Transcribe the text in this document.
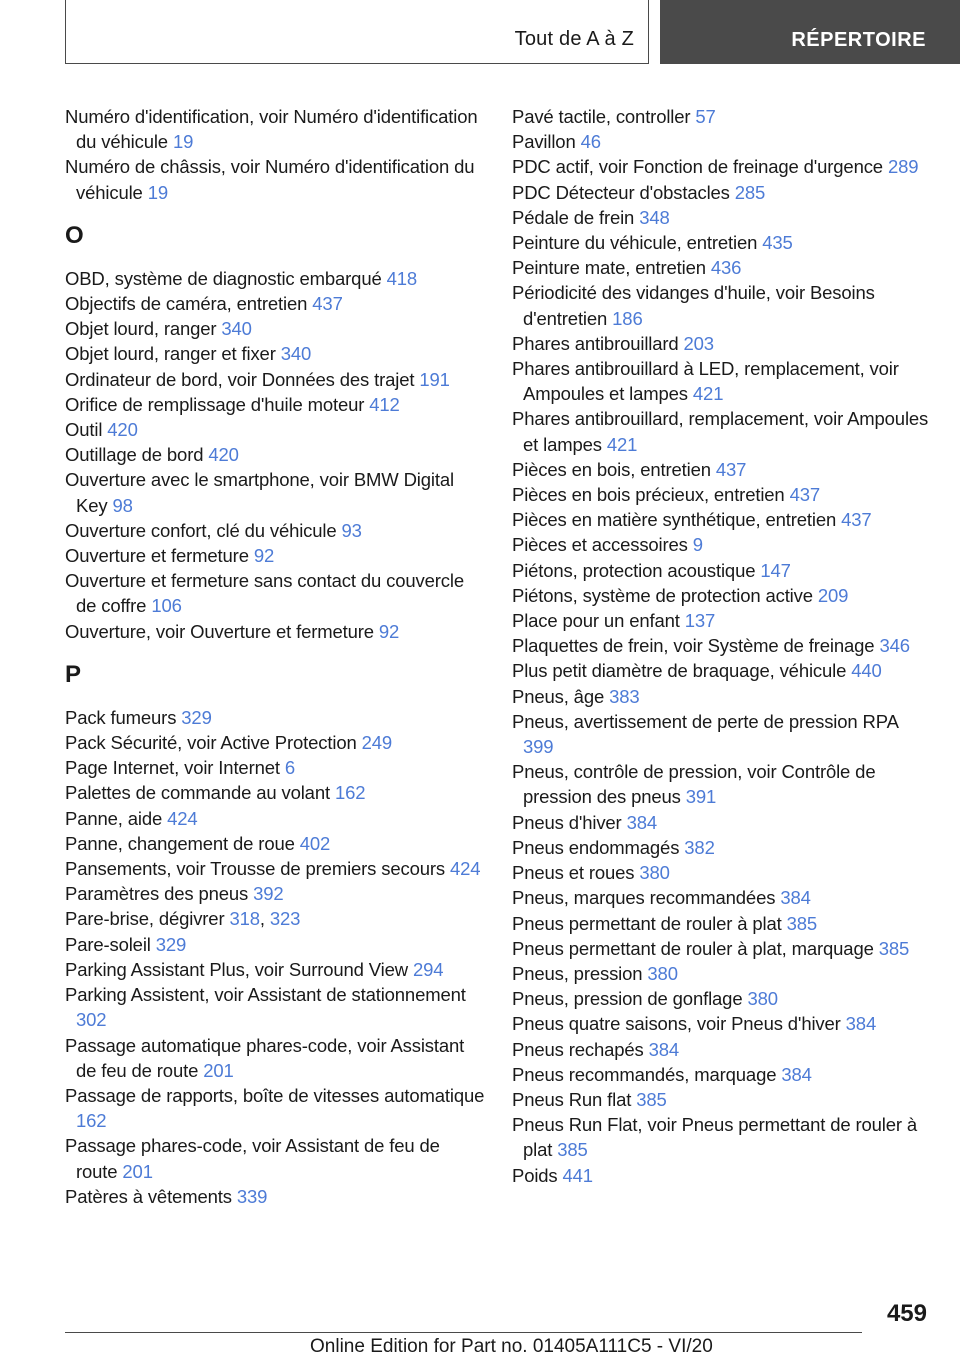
Tout de A à Z	RÉPERTOIRE

Numéro d'identification, voir Numéro d'identification du véhicule 19

Numéro de châssis, voir Numéro d'identification du véhicule 19

O

OBD, système de diagnostic embarqué 418

Objectifs de caméra, entretien 437

Objet lourd, ranger 340

Objet lourd, ranger et fixer 340

Ordinateur de bord, voir Données des trajet 191

Orifice de remplissage d'huile moteur 412

Outil 420

Outillage de bord 420

Ouverture avec le smartphone, voir BMW Digital Key 98

Ouverture confort, clé du véhicule 93

Ouverture et fermeture 92

Ouverture et fermeture sans contact du couvercle de coffre 106

Ouverture, voir Ouverture et fermeture 92

P

Pack fumeurs 329

Pack Sécurité, voir Active Protection 249

Page Internet, voir Internet 6

Palettes de commande au volant 162

Panne, aide 424

Panne, changement de roue 402

Pansements, voir Trousse de premiers secours 424

Paramètres des pneus 392

Pare-brise, dégivrer 318, 323

Pare-soleil 329

Parking Assistant Plus, voir Surround View 294

Parking Assistent, voir Assistant de stationnement 302

Passage automatique phares-code, voir Assistant de feu de route 201

Passage de rapports, boîte de vitesses automatique 162

Passage phares-code, voir Assistant de feu de route 201

Patères à vêtements 339

Pavé tactile, controller 57

Pavillon 46

PDC actif, voir Fonction de freinage d'urgence 289

PDC Détecteur d'obstacles 285

Pédale de frein 348

Peinture du véhicule, entretien 435

Peinture mate, entretien 436

Périodicité des vidanges d'huile, voir Besoins d'entretien 186

Phares antibrouillard 203

Phares antibrouillard à LED, remplacement, voir Ampoules et lampes 421

Phares antibrouillard, remplacement, voir Ampoules et lampes 421

Pièces en bois, entretien 437

Pièces en bois précieux, entretien 437

Pièces en matière synthétique, entretien 437

Pièces et accessoires 9

Piétons, protection acoustique 147

Piétons, système de protection active 209

Place pour un enfant 137

Plaquettes de frein, voir Système de freinage 346

Plus petit diamètre de braquage, véhicule 440

Pneus, âge 383

Pneus, avertissement de perte de pression RPA 399

Pneus, contrôle de pression, voir Contrôle de pression des pneus 391

Pneus d'hiver 384

Pneus endommagés 382

Pneus et roues 380

Pneus, marques recommandées 384

Pneus permettant de rouler à plat 385

Pneus permettant de rouler à plat, marquage 385

Pneus, pression 380

Pneus, pression de gonflage 380

Pneus quatre saisons, voir Pneus d'hiver 384

Pneus rechapés 384

Pneus recommandés, marquage 384

Pneus Run flat 385

Pneus Run Flat, voir Pneus permettant de rouler à plat 385

Poids 441

459
Online Edition for Part no. 01405A111C5 - VI/20
